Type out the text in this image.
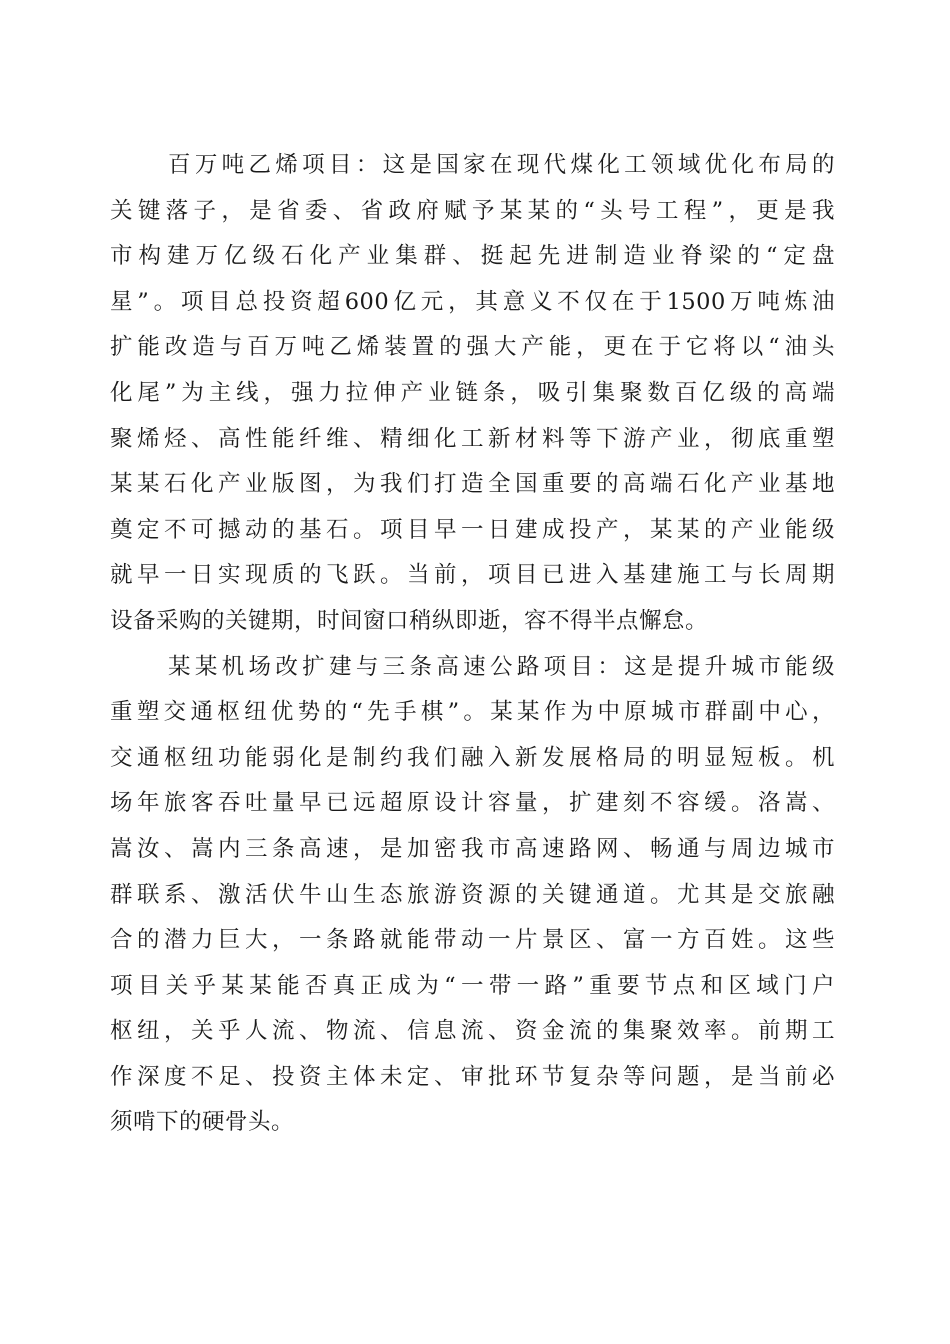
百万吨乙烯项目：这是国家在现代煤化工领域优化布局的
关键落子，是省委、省政府赋予某某的“头号工程”，更是我
市构建万亿级石化产业集群、挺起先进制造业脊梁的“定盘
星”。项目总投资超600亿元，其意义不仅在于1500万吨炼油
扩能改造与百万吨乙烯装置的强大产能，更在于它将以“油头
化尾”为主线，强力拉伸产业链条，吸引集聚数百亿级的高端
聚烯烃、高性能纤维、精细化工新材料等下游产业，彻底重塑
某某石化产业版图，为我们打造全国重要的高端石化产业基地
奠定不可撼动的基石。项目早一日建成投产，某某的产业能级
就早一日实现质的飞跃。当前，项目已进入基建施工与长周期
设备采购的关键期，时间窗口稍纵即逝，容不得半点懈怠。
某某机场改扩建与三条高速公路项目：这是提升城市能级
重塑交通枢纽优势的“先手棋”。某某作为中原城市群副中心，
交通枢纽功能弱化是制约我们融入新发展格局的明显短板。机
场年旅客吞吐量早已远超原设计容量，扩建刻不容缓。洛嵩、
嵩汝、嵩内三条高速，是加密我市高速路网、畅通与周边城市
群联系、激活伏牛山生态旅游资源的关键通道。尤其是交旅融
合的潜力巨大，一条路就能带动一片景区、富一方百姓。这些
项目关乎某某能否真正成为“一带一路”重要节点和区域门户
枢纽，关乎人流、物流、信息流、资金流的集聚效率。前期工
作深度不足、投资主体未定、审批环节复杂等问题，是当前必
须啃下的硬骨头。
